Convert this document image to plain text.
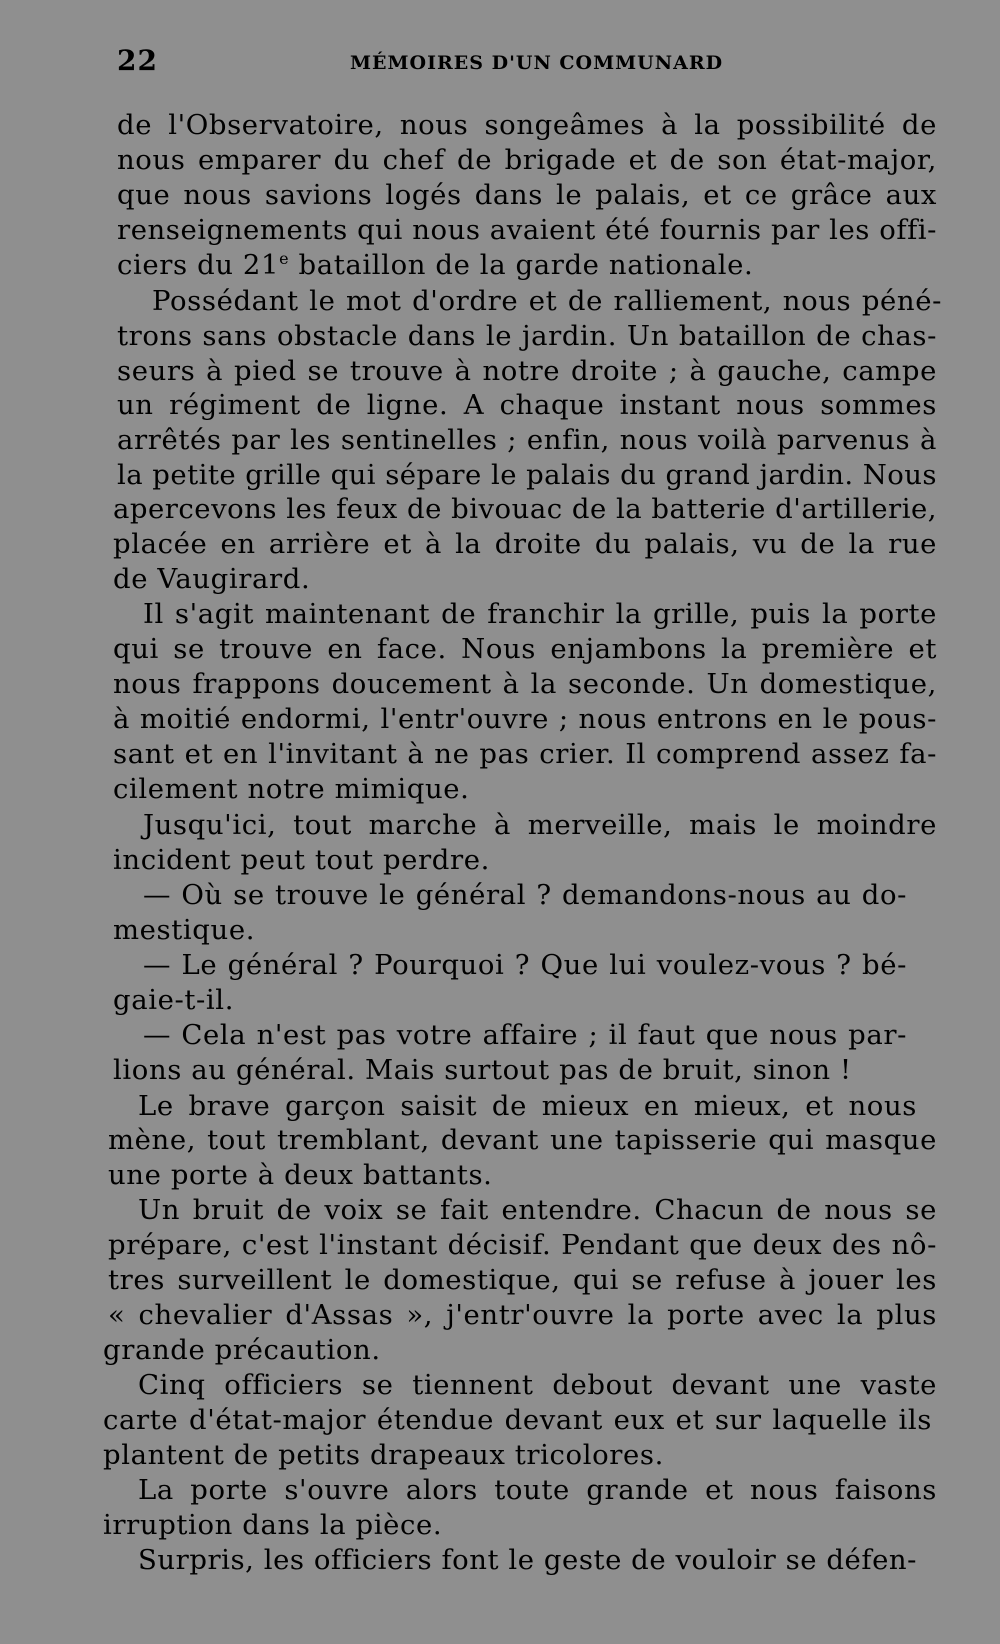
22	MÉMOIRES D'UN COMMUNARD
de l'Observatoire, nous songeâmes à la possibilité de
nous emparer du chef de brigade et de son état-major,
que nous savions logés dans le palais, et ce grâce aux
renseignements qui nous avaient été fournis par les offi-
ciers du 21e bataillon de la garde nationale.
Possédant le mot d'ordre et de ralliement, nous péné-
trons sans obstacle dans le jardin. Un bataillon de chas-
seurs à pied se trouve à notre droite ; à gauche, campe
un régiment de ligne. A chaque instant nous sommes
arrêtés par les sentinelles ; enfin, nous voilà parvenus à
la petite grille qui sépare le palais du grand jardin. Nous
apercevons les feux de bivouac de la batterie d'artillerie,
placée en arrière et à la droite du palais, vu de la rue
de Vaugirard.
Il s'agit maintenant de franchir la grille, puis la porte
qui se trouve en face. Nous enjambons la première et
nous frappons doucement à la seconde. Un domestique,
à moitié endormi, l'entr'ouvre ; nous entrons en le pous-
sant et en l'invitant à ne pas crier. Il comprend assez fa-
cilement notre mimique.
Jusqu'ici, tout marche à merveille, mais le moindre
incident peut tout perdre.
— Où se trouve le général ? demandons-nous au do-
mestique.
— Le général ? Pourquoi ? Que lui voulez-vous ? bé-
gaie-t-il.
— Cela n'est pas votre affaire ; il faut que nous par-
lions au général. Mais surtout pas de bruit, sinon !
Le brave garçon saisit de mieux en mieux, et nous
mène, tout tremblant, devant une tapisserie qui masque
une porte à deux battants.
Un bruit de voix se fait entendre. Chacun de nous se
prépare, c'est l'instant décisif. Pendant que deux des nô-
tres surveillent le domestique, qui se refuse à jouer les
« chevalier d'Assas », j'entr'ouvre la porte avec la plus
grande précaution.
Cinq officiers se tiennent debout devant une vaste
carte d'état-major étendue devant eux et sur laquelle ils
plantent de petits drapeaux tricolores.
La porte s'ouvre alors toute grande et nous faisons
irruption dans la pièce.
Surpris, les officiers font le geste de vouloir se défen-
